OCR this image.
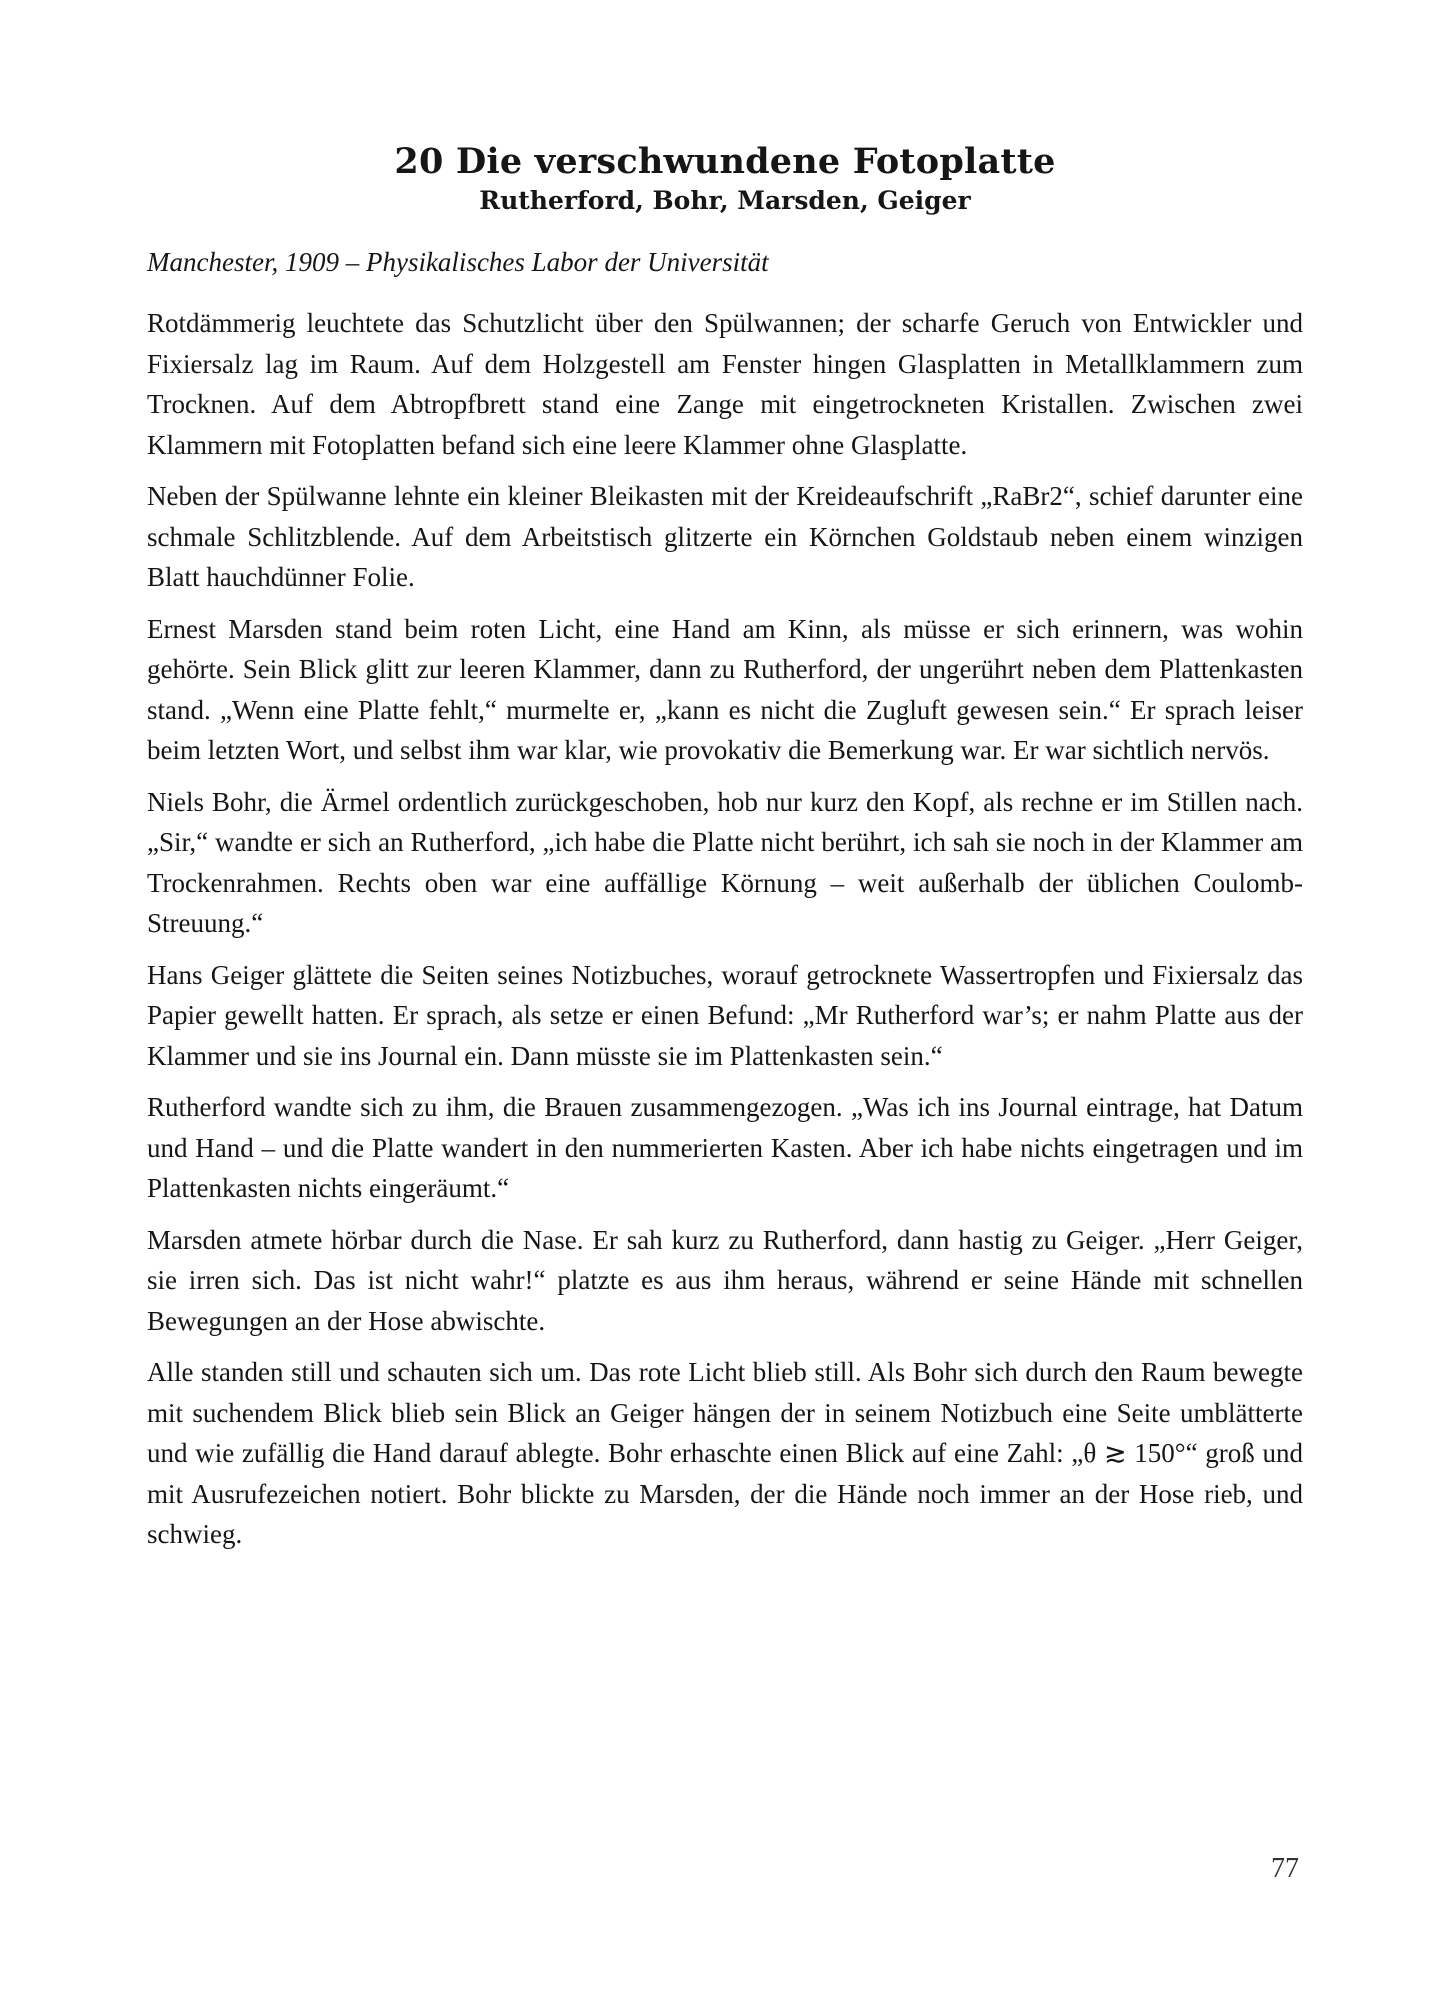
20 Die verschwundene Fotoplatte
Rutherford, Bohr, Marsden, Geiger

Manchester, 1909 – Physikalisches Labor der Universität

Rotdämmerig leuchtete das Schutzlicht über den Spülwannen; der scharfe Geruch von Entwickler und Fixiersalz lag im Raum. Auf dem Holzgestell am Fenster hingen Glasplatten in Metallklammern zum Trocknen. Auf dem Abtropfbrett stand eine Zange mit eingetrockneten Kristallen. Zwischen zwei Klammern mit Fotoplatten befand sich eine leere Klammer ohne Glasplatte.

Neben der Spülwanne lehnte ein kleiner Bleikasten mit der Kreideaufschrift „RaBr2“, schief darunter eine schmale Schlitzblende. Auf dem Arbeitstisch glitzerte ein Körnchen Goldstaub neben einem winzigen Blatt hauchdünner Folie.

Ernest Marsden stand beim roten Licht, eine Hand am Kinn, als müsse er sich erinnern, was wohin gehörte. Sein Blick glitt zur leeren Klammer, dann zu Rutherford, der ungerührt neben dem Plattenkasten stand. „Wenn eine Platte fehlt,“ murmelte er, „kann es nicht die Zugluft gewesen sein.“ Er sprach leiser beim letzten Wort, und selbst ihm war klar, wie provokativ die Bemerkung war. Er war sichtlich nervös.

Niels Bohr, die Ärmel ordentlich zurückgeschoben, hob nur kurz den Kopf, als rechne er im Stillen nach. „Sir,“ wandte er sich an Rutherford, „ich habe die Platte nicht berührt, ich sah sie noch in der Klammer am Trockenrahmen. Rechts oben war eine auffällige Körnung – weit außerhalb der üblichen Coulomb-Streuung.“

Hans Geiger glättete die Seiten seines Notizbuches, worauf getrocknete Wassertropfen und Fixiersalz das Papier gewellt hatten. Er sprach, als setze er einen Befund: „Mr Rutherford war’s; er nahm Platte aus der Klammer und sie ins Journal ein. Dann müsste sie im Plattenkasten sein.“

Rutherford wandte sich zu ihm, die Brauen zusammengezogen. „Was ich ins Journal eintrage, hat Datum und Hand – und die Platte wandert in den nummerierten Kasten. Aber ich habe nichts eingetragen und im Plattenkasten nichts eingeräumt.“

Marsden atmete hörbar durch die Nase. Er sah kurz zu Rutherford, dann hastig zu Geiger. „Herr Geiger, sie irren sich. Das ist nicht wahr!“ platzte es aus ihm heraus, während er seine Hände mit schnellen Bewegungen an der Hose abwischte.

Alle standen still und schauten sich um. Das rote Licht blieb still. Als Bohr sich durch den Raum bewegte mit suchendem Blick blieb sein Blick an Geiger hängen der in seinem Notizbuch eine Seite umblätterte und wie zufällig die Hand darauf ablegte. Bohr erhaschte einen Blick auf eine Zahl: „θ ≳ 150°“ groß und mit Ausrufezeichen notiert. Bohr blickte zu Marsden, der die Hände noch immer an der Hose rieb, und schwieg.

77
